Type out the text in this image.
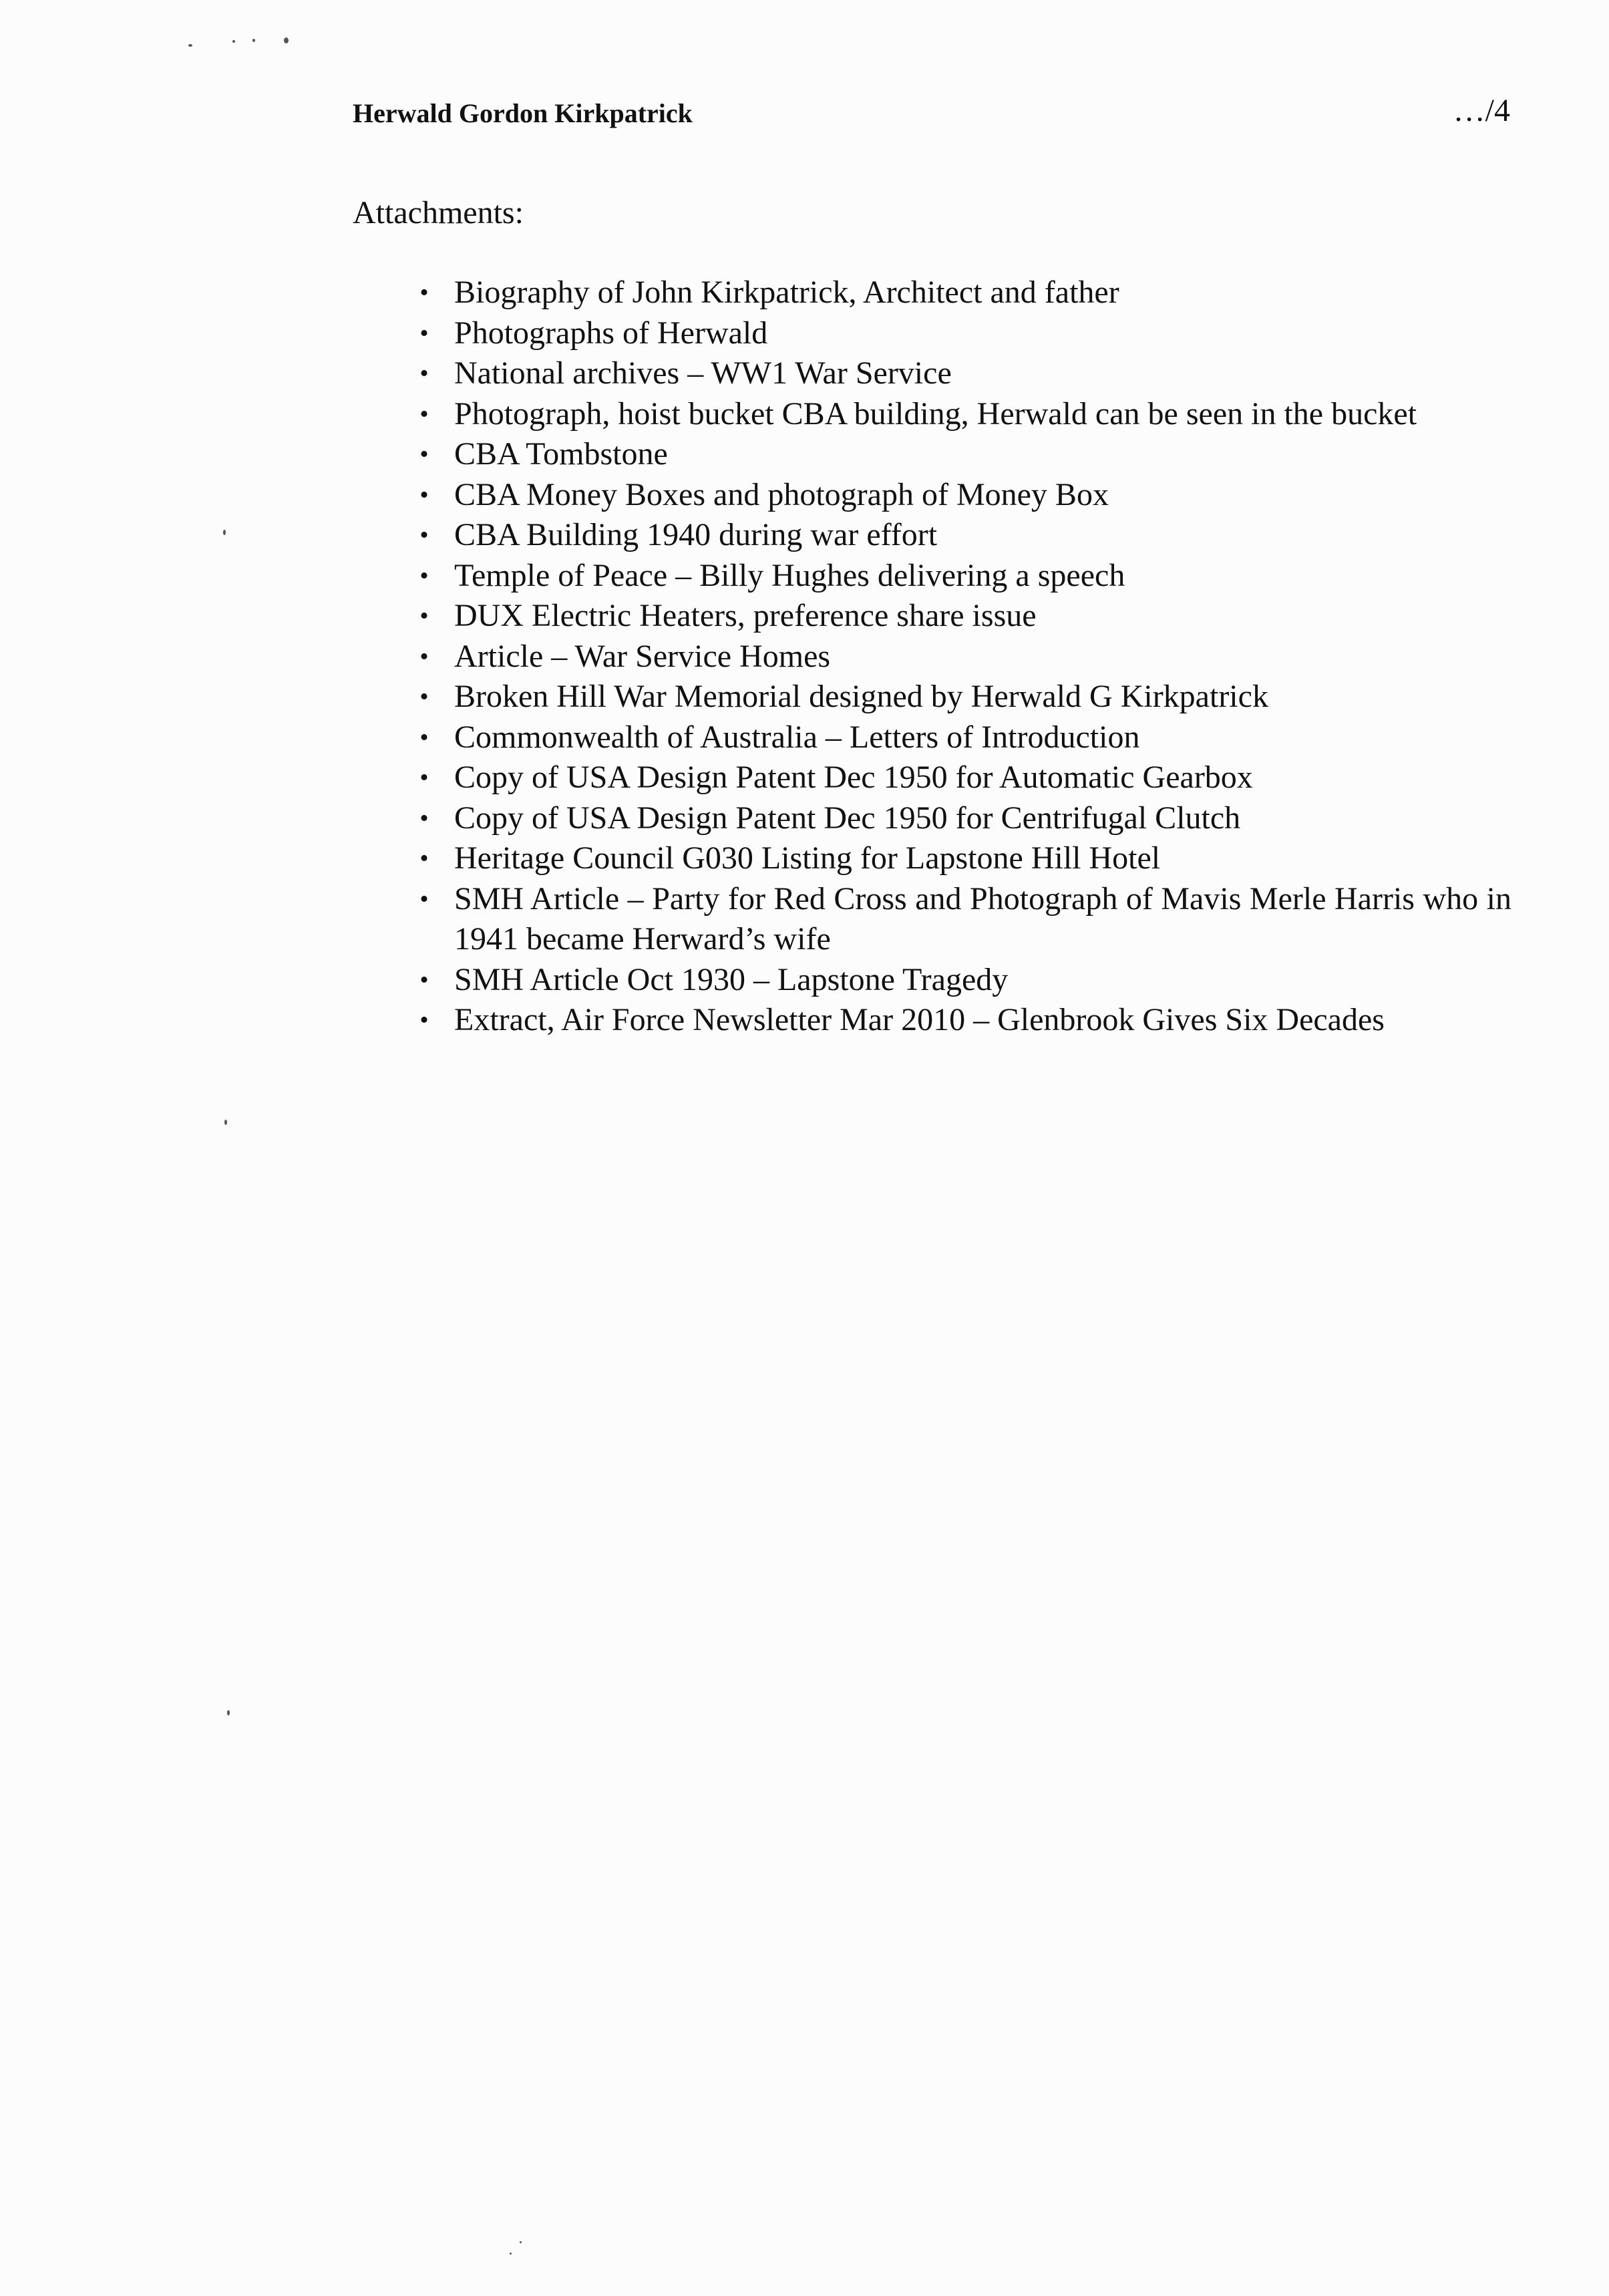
Herwald Gordon Kirkpatrick	…/4
Attachments:
• Biography of John Kirkpatrick, Architect and father
• Photographs of Herwald
• National archives – WW1 War Service
• Photograph, hoist bucket CBA building, Herwald can be seen in the bucket
• CBA Tombstone
• CBA Money Boxes and photograph of Money Box
• CBA Building 1940 during war effort
• Temple of Peace – Billy Hughes delivering a speech
• DUX Electric Heaters, preference share issue
• Article – War Service Homes
• Broken Hill War Memorial designed by Herwald G Kirkpatrick
• Commonwealth of Australia – Letters of Introduction
• Copy of USA Design Patent Dec 1950 for Automatic Gearbox
• Copy of USA Design Patent Dec 1950 for Centrifugal Clutch
• Heritage Council G030 Listing for Lapstone Hill Hotel
• SMH Article – Party for Red Cross and Photograph of Mavis Merle Harris who in 1941 became Herward’s wife
• SMH Article Oct 1930 – Lapstone Tragedy
• Extract, Air Force Newsletter Mar 2010 – Glenbrook Gives Six Decades
